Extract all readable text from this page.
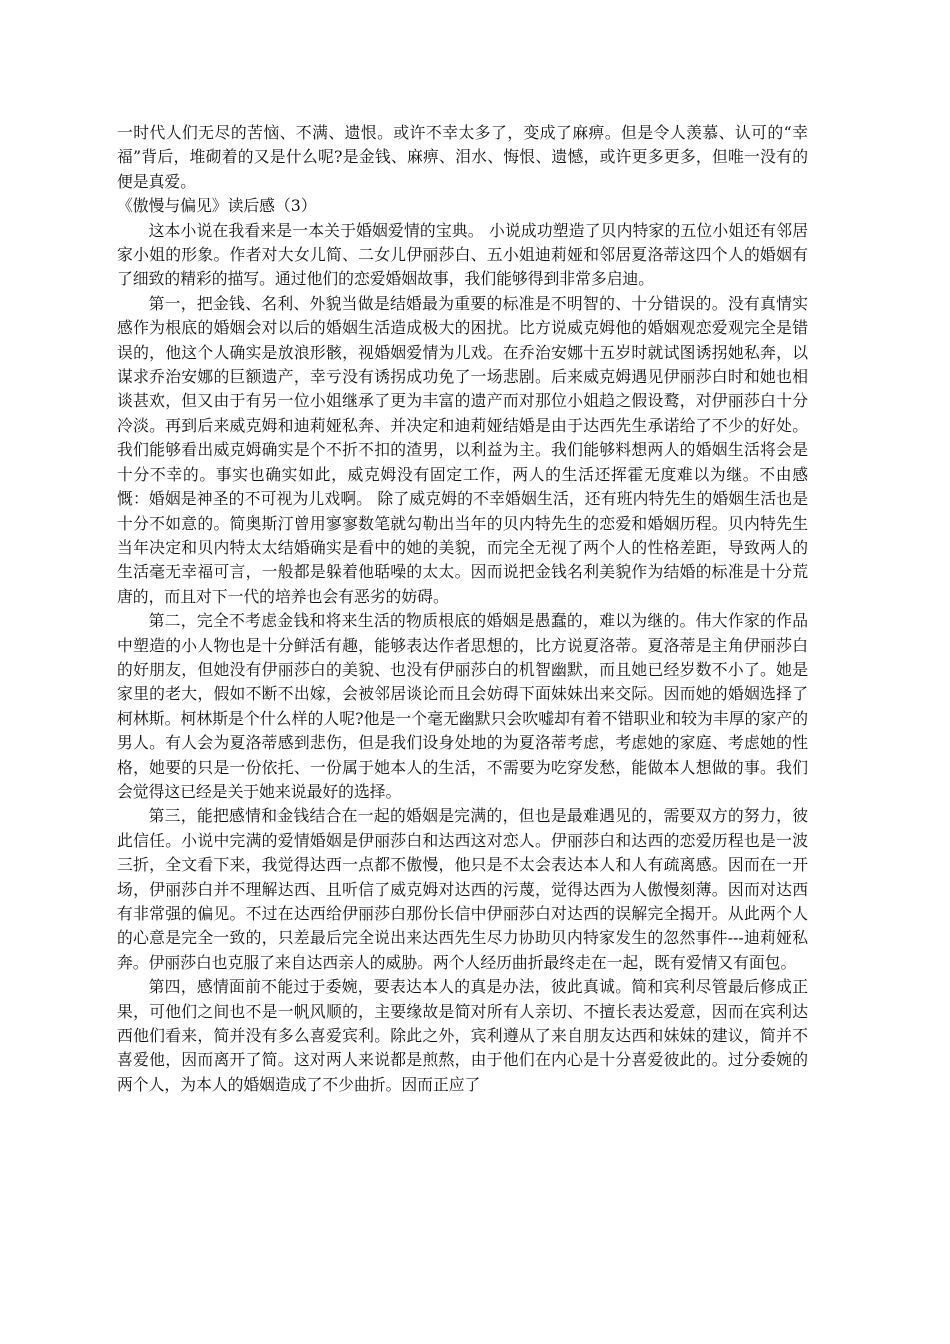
一时代人们无尽的苦恼、不满、遗恨。或许不幸太多了，变成了麻痹。但是令人羡慕、认可的“幸福”背后，堆砌着的又是什么呢?是金钱、麻痹、泪水、悔恨、遗憾，或许更多更多，但唯一没有的便是真爱。

《傲慢与偏见》读后感（3）

这本小说在我看来是一本关于婚姻爱情的宝典。 小说成功塑造了贝内特家的五位小姐还有邻居家小姐的形象。作者对大女儿简、二女儿伊丽莎白、五小姐迪莉娅和邻居夏洛蒂这四个人的婚姻有了细致的精彩的描写。通过他们的恋爱婚姻故事，我们能够得到非常多启迪。

第一，把金钱、名利、外貌当做是结婚最为重要的标准是不明智的、十分错误的。没有真情实感作为根底的婚姻会对以后的婚姻生活造成极大的困扰。比方说威克姆他的婚姻观恋爱观完全是错误的，他这个人确实是放浪形骸，视婚姻爱情为儿戏。在乔治安娜十五岁时就试图诱拐她私奔，以谋求乔治安娜的巨额遗产，幸亏没有诱拐成功免了一场悲剧。后来威克姆遇见伊丽莎白时和她也相谈甚欢，但又由于有另一位小姐继承了更为丰富的遗产而对那位小姐趋之假设鹜，对伊丽莎白十分冷淡。再到后来威克姆和迪莉娅私奔、并决定和迪莉娅结婚是由于达西先生承诺给了不少的好处。我们能够看出威克姆确实是个不折不扣的渣男，以利益为主。我们能够料想两人的婚姻生活将会是十分不幸的。事实也确实如此，威克姆没有固定工作，两人的生活还挥霍无度难以为继。不由感慨：婚姻是神圣的不可视为儿戏啊。 除了威克姆的不幸婚姻生活，还有班内特先生的婚姻生活也是十分不如意的。简奥斯汀曾用寥寥数笔就勾勒出当年的贝内特先生的恋爱和婚姻历程。贝内特先生当年决定和贝内特太太结婚确实是看中的她的美貌，而完全无视了两个人的性格差距，导致两人的生活毫无幸福可言，一般都是躲着他聒噪的太太。因而说把金钱名利美貌作为结婚的标准是十分荒唐的，而且对下一代的培养也会有恶劣的妨碍。

第二，完全不考虑金钱和将来生活的物质根底的婚姻是愚蠢的，难以为继的。伟大作家的作品中塑造的小人物也是十分鲜活有趣，能够表达作者思想的，比方说夏洛蒂。夏洛蒂是主角伊丽莎白的好朋友，但她没有伊丽莎白的美貌、也没有伊丽莎白的机智幽默，而且她已经岁数不小了。她是家里的老大，假如不断不出嫁，会被邻居谈论而且会妨碍下面妹妹出来交际。因而她的婚姻选择了柯林斯。柯林斯是个什么样的人呢?他是一个毫无幽默只会吹嘘却有着不错职业和较为丰厚的家产的男人。有人会为夏洛蒂感到悲伤，但是我们设身处地的为夏洛蒂考虑，考虑她的家庭、考虑她的性格，她要的只是一份依托、一份属于她本人的生活，不需要为吃穿发愁，能做本人想做的事。我们会觉得这已经是关于她来说最好的选择。

第三，能把感情和金钱结合在一起的婚姻是完满的，但也是最难遇见的，需要双方的努力，彼此信任。小说中完满的爱情婚姻是伊丽莎白和达西这对恋人。伊丽莎白和达西的恋爱历程也是一波三折，全文看下来，我觉得达西一点都不傲慢，他只是不太会表达本人和人有疏离感。因而在一开场，伊丽莎白并不理解达西、且听信了威克姆对达西的污蔑，觉得达西为人傲慢刻薄。因而对达西有非常强的偏见。不过在达西给伊丽莎白那份长信中伊丽莎白对达西的误解完全揭开。从此两个人的心意是完全一致的，只差最后完全说出来达西先生尽力协助贝内特家发生的忽然事件---迪莉娅私奔。伊丽莎白也克服了来自达西亲人的威胁。两个人经历曲折最终走在一起，既有爱情又有面包。

第四，感情面前不能过于委婉，要表达本人的真是办法，彼此真诚。简和宾利尽管最后修成正果，可他们之间也不是一帆风顺的，主要缘故是简对所有人亲切、不擅长表达爱意，因而在宾利达西他们看来，简并没有多么喜爱宾利。除此之外，宾利遵从了来自朋友达西和妹妹的建议，简并不喜爱他，因而离开了简。这对两人来说都是煎熬，由于他们在内心是十分喜爱彼此的。过分委婉的两个人，为本人的婚姻造成了不少曲折。因而正应了
